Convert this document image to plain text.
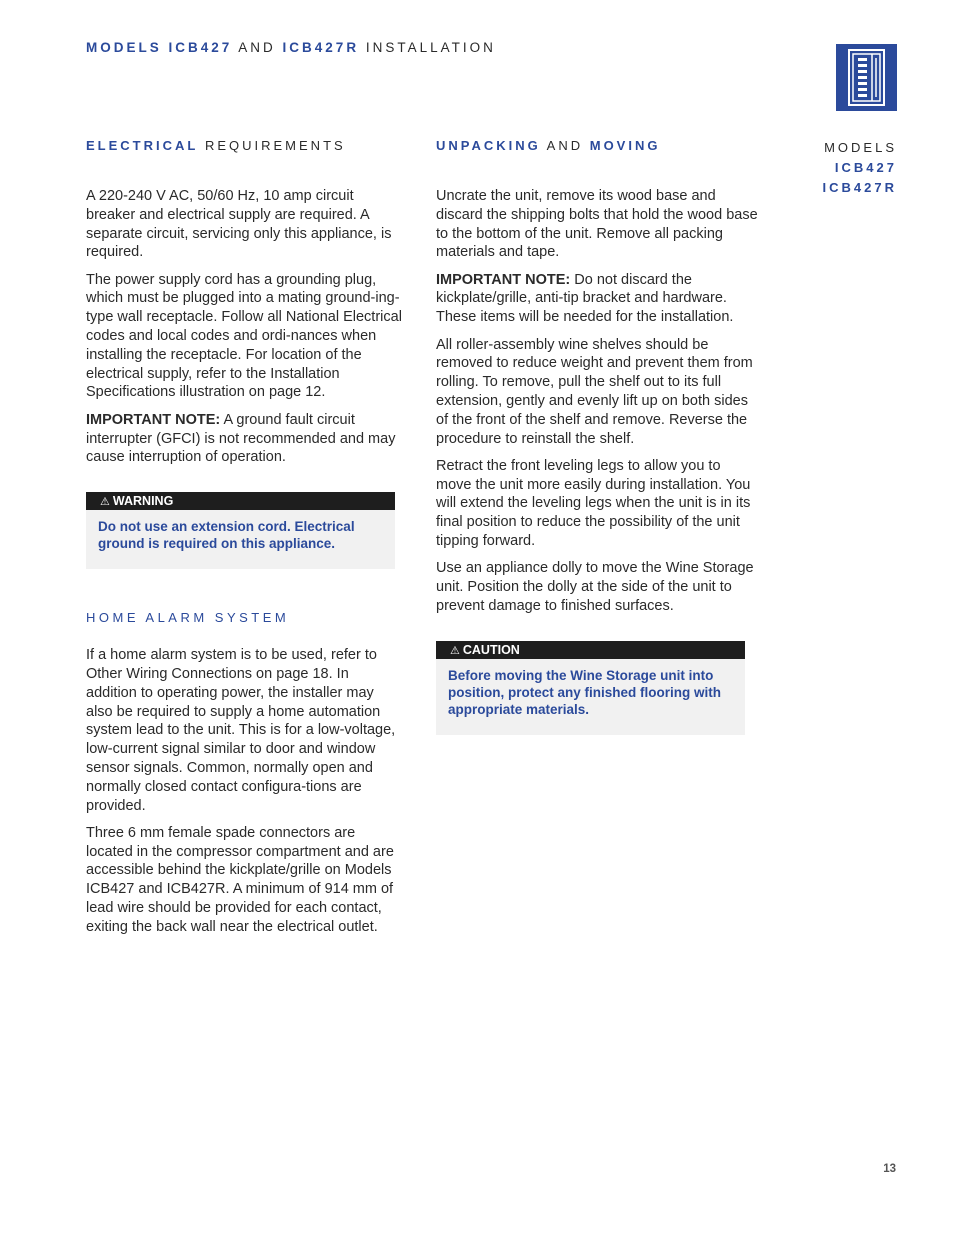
MODELS ICB427 AND ICB427R INSTALLATION
MODELS
ICB427
ICB427R
ELECTRICAL REQUIREMENTS

A 220-240 V AC, 50/60 Hz, 10 amp circuit breaker and electrical supply are required. A separate circuit, servicing only this appliance, is required.

The power supply cord has a grounding plug, which must be plugged into a mating ground-ing-type wall receptacle. Follow all National Electrical codes and local codes and ordi-nances when installing the receptacle. For location of the electrical supply, refer to the Installation Specifications illustration on page 12.

IMPORTANT NOTE: A ground fault circuit interrupter (GFCI) is not recommended and may cause interruption of operation.

⚠ WARNING
Do not use an extension cord. Electrical ground is required on this appliance.
HOME ALARM SYSTEM

If a home alarm system is to be used, refer to Other Wiring Connections on page 18. In addition to operating power, the installer may also be required to supply a home automation system lead to the unit. This is for a low-voltage, low-current signal similar to door and window sensor signals. Common, normally open and normally closed contact configura-tions are provided.

Three 6 mm female spade connectors are located in the compressor compartment and are accessible behind the kickplate/grille on Models ICB427 and ICB427R. A minimum of 914 mm of lead wire should be provided for each contact, exiting the back wall near the electrical outlet.

UNPACKING AND MOVING

Uncrate the unit, remove its wood base and discard the shipping bolts that hold the wood base to the bottom of the unit. Remove all packing materials and tape.

IMPORTANT NOTE: Do not discard the kickplate/grille, anti-tip bracket and hardware. These items will be needed for the installation.

All roller-assembly wine shelves should be removed to reduce weight and prevent them from rolling. To remove, pull the shelf out to its full extension, gently and evenly lift up on both sides of the front of the shelf and remove. Reverse the procedure to reinstall the shelf.

Retract the front leveling legs to allow you to move the unit more easily during installation. You will extend the leveling legs when the unit is in its final position to reduce the possibility of the unit tipping forward.

Use an appliance dolly to move the Wine Storage unit. Position the dolly at the side of the unit to prevent damage to finished surfaces.

⚠ CAUTION
Before moving the Wine Storage unit into position, protect any finished flooring with appropriate materials.
13
